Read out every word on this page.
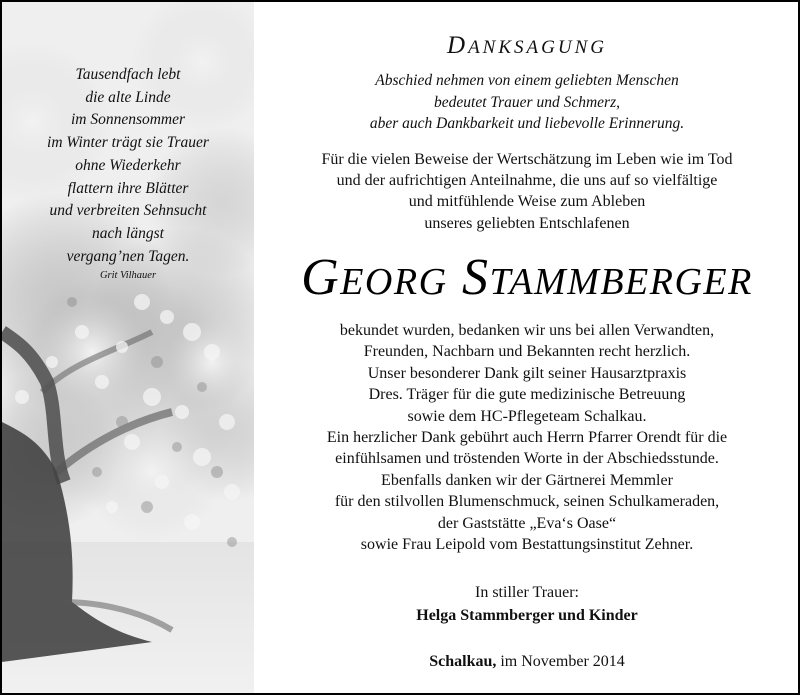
Tausendfach lebt
die alte Linde
im Sonnensommer
im Winter trägt sie Trauer
ohne Wiederkehr
flattern ihre Blätter
und verbreiten Sehnsucht
nach längst
vergang’nen Tagen.
Grit Vilhauer
DANKSAGUNG
Abschied nehmen von einem geliebten Menschen
bedeutet Trauer und Schmerz,
aber auch Dankbarkeit und liebevolle Erinnerung.
Für die vielen Beweise der Wertschätzung im Leben wie im Tod
und der aufrichtigen Anteilnahme, die uns auf so vielfältige
und mitfühlende Weise zum Ableben
unseres geliebten Entschlafenen
GEORG STAMMBERGER
bekundet wurden, bedanken wir uns bei allen Verwandten,
Freunden, Nachbarn und Bekannten recht herzlich.
Unser besonderer Dank gilt seiner Hausarztpraxis
Dres. Träger für die gute medizinische Betreuung
sowie dem HC-Pflegeteam Schalkau.
Ein herzlicher Dank gebührt auch Herrn Pfarrer Orendt für die
einfühlsamen und tröstenden Worte in der Abschiedsstunde.
Ebenfalls danken wir der Gärtnerei Memmler
für den stilvollen Blumenschmuck, seinen Schulkameraden,
der Gaststätte „Eva‘s Oase“
sowie Frau Leipold vom Bestattungsinstitut Zehner.
In stiller Trauer:
Helga Stammberger und Kinder
Schalkau, im November 2014
